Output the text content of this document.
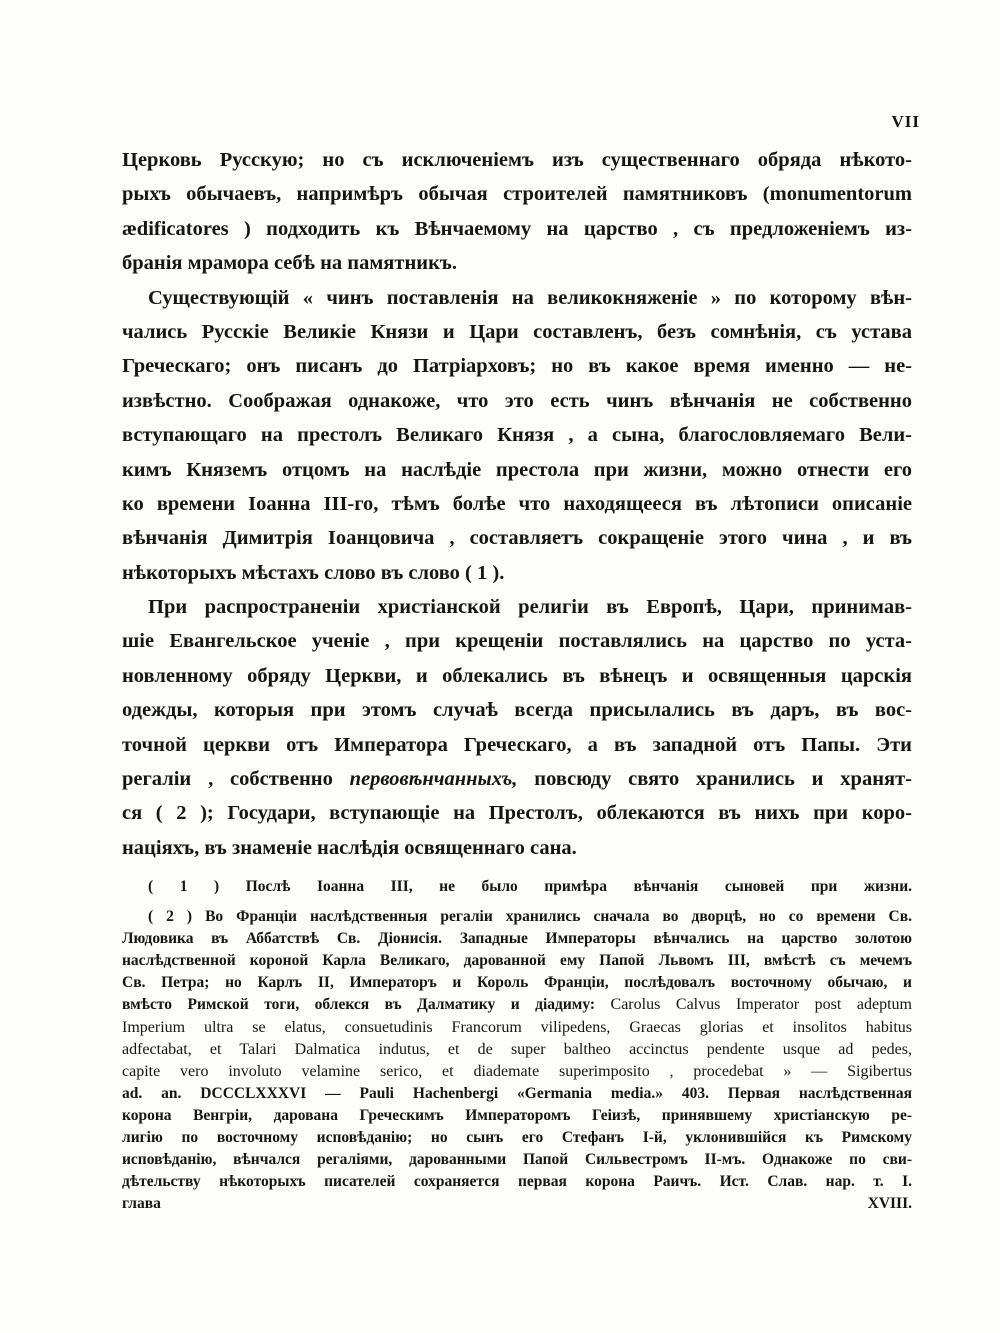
VII
Церковь Русскую; но съ исключеніемъ изъ существеннаго обряда нѣкото-
рыхъ обычаевъ, напримѣръ обычая строителей памятниковъ (monumentorum
ædificatores ) подходить къ Вѣнчаемому на царство , съ предложеніемъ из-
бранія мрамора себѣ на памятникъ.
Существующій « чинъ поставленія на великокняженіе » по которому вѣн-
чались Русскіе Великіе Князи и Цари составленъ, безъ сомнѣнія, съ устава
Греческаго; онъ писанъ до Патріарховъ; но въ какое время именно — не-
извѣстно. Соображая однакоже, что это есть чинъ вѣнчанія не собственно
вступающаго на престолъ Великаго Князя , а сына, благословляемаго Вели-
кимъ Княземъ отцомъ на наслѣдіе престола при жизни, можно отнести его
ко времени Іоанна III-го, тѣмъ болѣе что находящееся въ лѣтописи описаніе
вѣнчанія Димитрія Іоанцовича , составляетъ сокращеніе этого чина , и въ
нѣкоторыхъ мѣстахъ слово въ слово ( 1 ).
При распространеніи христіанской религіи въ Европѣ, Цари, принимав-
шіе Евангельское ученіе , при крещеніи поставлялись на царство по уста-
новленному обряду Церкви, и облекались въ вѣнецъ и освященныя царскія
одежды, которыя при этомъ случаѣ всегда присылались въ даръ, въ вос-
точной церкви отъ Императора Греческаго, а въ западной отъ Папы. Эти
регаліи , собственно первовѣнчанныхъ, повсюду свято хранились и хранят-
ся ( 2 ); Государи, вступающіе на Престолъ, облекаются въ нихъ при коро-
націяхъ, въ знаменіе наслѣдія освященнаго сана.
( 1 ) Послѣ Іоанна III, не было примѣра вѣнчанія сыновей при жизни.
( 2 ) Во Франціи наслѣдственныя регаліи хранились сначала во дворцѣ, но со времени Св.
Людовика въ Аббатствѣ Св. Діонисія. Западные Императоры вѣнчались на царство золотою
наслѣдственной короной Карла Великаго, дарованной ему Папой Львомъ III, вмѣстѣ съ мечемъ
Св. Петра; но Карлъ II, Императоръ и Король Франціи, послѣдовалъ восточному обычаю, и
вмѣсто Римской тоги, облекся въ Далматику и діадиму: Carolus Calvus Imperator post adeptum
Imperium ultra se elatus, consuetudinis Francorum vilipedens, Graecas glorias et insolitos habitus
adfectabat, et Talari Dalmatica indutus, et de super baltheo accinctus pendente usque ad pedes,
capite vero involuto velamine serico, et diademate superimposito , procedebat » — Sigibertus
ad. an. DCCCLXXXVI — Pauli Hachenbergi «Germania media.» 403. Первая наслѣдственная
корона Венгріи, дарована Греческимъ Императоромъ Геіизѣ, принявшему христіанскую ре-
лигію по восточному исповѣданію; но сынъ его Стефанъ І-й, уклонившійся къ Римскому
исповѣданію, вѣнчался регаліями, дарованными Папой Сильвестромъ II-мъ. Однакоже по сви-
дѣтельству нѣкоторыхъ писателей сохраняется первая корона Раичъ. Ист. Слав. нар. т. I.
глава XVIII.
